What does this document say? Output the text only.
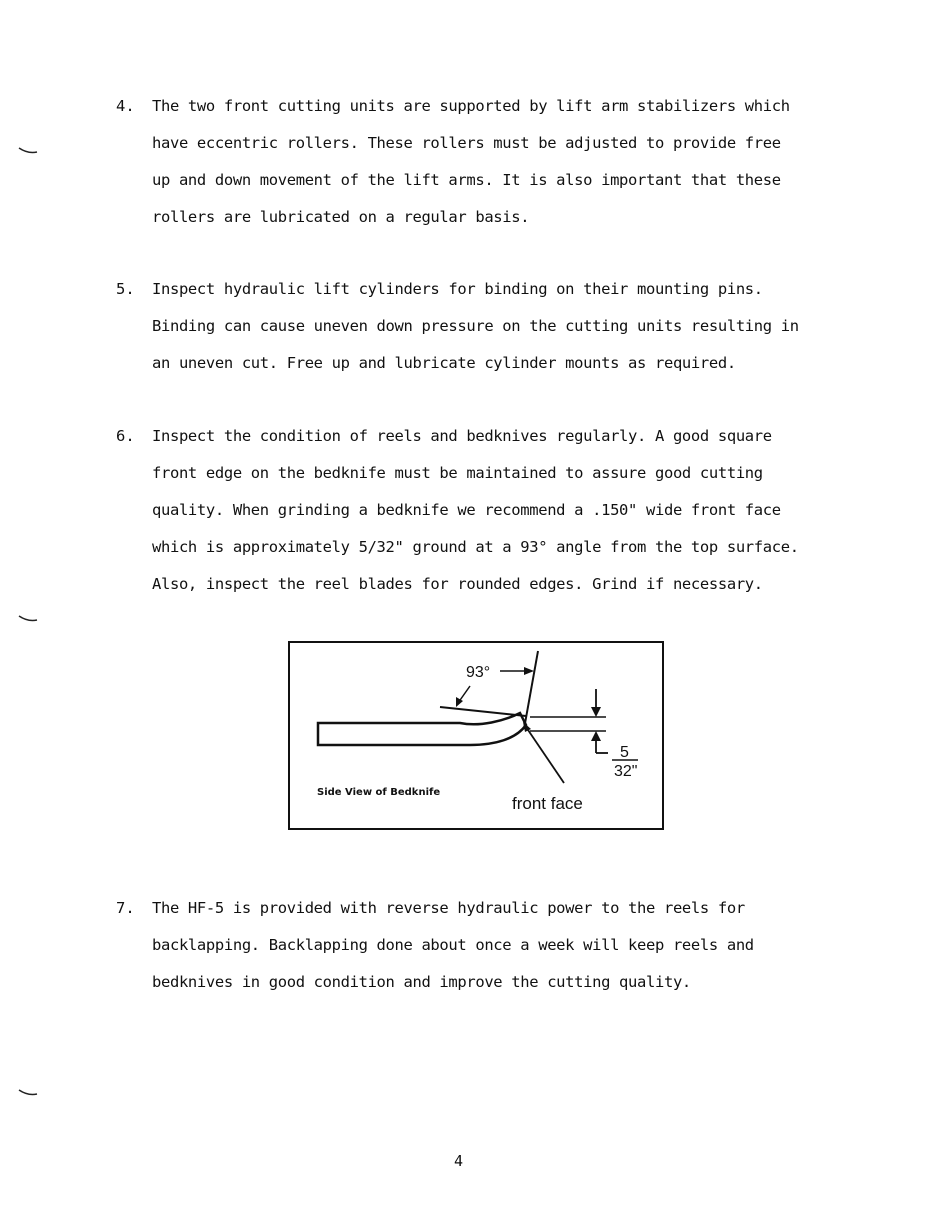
4. The two front cutting units are supported by lift arm stabilizers which
have eccentric rollers. These rollers must be adjusted to provide free
up and down movement of the lift arms. It is also important that these
rollers are lubricated on a regular basis.
5. Inspect hydraulic lift cylinders for binding on their mounting pins.
Binding can cause uneven down pressure on the cutting units resulting in
an uneven cut. Free up and lubricate cylinder mounts as required.
6. Inspect the condition of reels and bedknives regularly. A good square
front edge on the bedknife must be maintained to assure good cutting
quality. When grinding a bedknife we recommend a .150" wide front face
which is approximately 5/32" ground at a 93° angle from the top surface.
Also, inspect the reel blades for rounded edges. Grind if necessary.
93°
5
32"
Side View of Bedknife
front face
7. The HF-5 is provided with reverse hydraulic power to the reels for
backlapping. Backlapping done about once a week will keep reels and
bedknives in good condition and improve the cutting quality.
4
